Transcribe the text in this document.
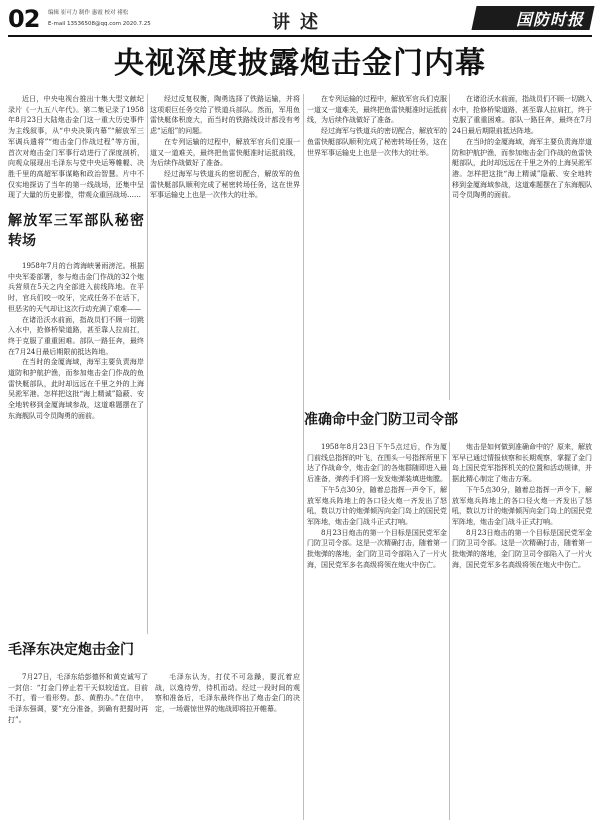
02 编辑 崔可力 制作 惠霞 校对 褚松
E-mail 13536508@qq.com 2020.7.25	讲述	国防时报
央视深度披露炮击金门内幕

近日，中央电视台推出十集大型文献纪录片《一九五八年代》。第二集记录了1958年8月23日大陆炮击金门这一重大历史事件为主线叙事，从“中央决策内幕”“解放军三军调兵遣将”“炮击金门作战过程”等方面，首次对炮击金门军事行动进行了深度剖析，向观众展现出毛泽东与党中央运筹帷幄、决胜千里的高超军事谋略和政治智慧。片中不仅实地探访了当年的第一线战场，还集中呈现了大量的历史影像，带观众重回战场……

解放军三军部队秘密转场

1958年7月的台湾海峡暑雨滂沱。根据中央军委部署，参与炮击金门作战的32个炮兵营须在5天之内全部进入前线阵地。在平时，官兵们咬一咬牙，完成任务不在话下，但恶劣的天气却让这次行动充满了艰难——

在诸沿沃水前面，指战员们不顾一切跳入水中，抢修桥梁道路，甚至靠人拉肩扛，终于克服了重重困难。部队一路狂奔，最终在7月24日最后期限前抵达阵地。

在当时的金厦海域，海军主要负责海岸道防和护航护渔，而参加炮击金门作战的鱼雷快艇部队，此时却远远在千里之外的上海吴淞军港。怎样把这批“海上精诚”隐蔽、安全地转移到金厦海域参战，这道难题摆在了东海舰队司令员陶勇的面前。

经过反复权衡，陶勇选择了铁路运输，并将这项艰巨任务交给了铁道兵部队。然而，军用鱼雷快艇体积庞大，而当时的铁路线设计都没有考虑“运船”的问题。

在专列运输的过程中，解放军官兵们克服一道又一道难关，最终把鱼雷快艇准时运抵前线，为后续作战做好了准备。

经过海军与铁道兵的密切配合，解放军的鱼雷快艇部队顺利完成了秘密转场任务，这在世界军事运输史上也是一次伟大的壮举。

在专列运输的过程中，解放军官兵们克服一道又一道难关，最终把鱼雷快艇准时运抵前线，为后续作战做好了准备。

经过海军与铁道兵的密切配合，解放军的鱼雷快艇部队顺利完成了秘密转场任务，这在世界军事运输史上也是一次伟大的壮举。

在诸沿沃水前面，指战员们不顾一切跳入水中，抢修桥梁道路，甚至靠人拉肩扛，终于克服了重重困难。部队一路狂奔，最终在7月24日最后期限前抵达阵地。

在当时的金厦海域，海军主要负责海岸道防和护航护渔，而参加炮击金门作战的鱼雷快艇部队，此时却远远在千里之外的上海吴淞军港。怎样把这批“海上精诚”隐蔽、安全地转移到金厦海域参战，这道难题摆在了东海舰队司令员陶勇的面前。

准确命中金门防卫司令部

1958年8月23日下午5点过后，作为厦门前线总指挥的叶飞，在围头一号指挥所里下达了作战命令，炮击金门的各炮群随即进入最后准备，弹药手们将一发发炮弹装填进炮膛。

下午5点30分，随着总指挥一声令下，解放军炮兵阵地上的各口径火炮一齐发出了怒吼，数以万计的炮弹倾泻向金门岛上的国民党军阵地，炮击金门战斗正式打响。

8月23日炮击的第一个目标是国民党军金门防卫司令部。这是一次精确打击，随着第一批炮弹的落地，金门防卫司令部陷入了一片火海，国民党军多名高级将领在炮火中伤亡。

炮击是如何做到准确命中的？原来，解放军早已通过情报侦察和长期观察，掌握了金门岛上国民党军指挥机关的位置和活动规律，并据此精心制定了炮击方案。

下午5点30分，随着总指挥一声令下，解放军炮兵阵地上的各口径火炮一齐发出了怒吼，数以万计的炮弹倾泻向金门岛上的国民党军阵地，炮击金门战斗正式打响。

8月23日炮击的第一个目标是国民党军金门防卫司令部。这是一次精确打击，随着第一批炮弹的落地，金门防卫司令部陷入了一片火海，国民党军多名高级将领在炮火中伤亡。

毛泽东决定炮击金门

7月27日，毛泽东给彭德怀和黄克诚写了一封信：“打金门停止若干天似较适宜。目前不打，看一看形势。彭、黄酌办。”在信中，毛泽东强调，要“充分准备，到确有把握时再打”。

毛泽东认为，打仗不可急躁，要沉着应战，以逸待劳，待机而动。经过一段时间的观察和准备后，毛泽东最终作出了炮击金门的决定，一场震惊世界的炮战即将拉开帷幕。
